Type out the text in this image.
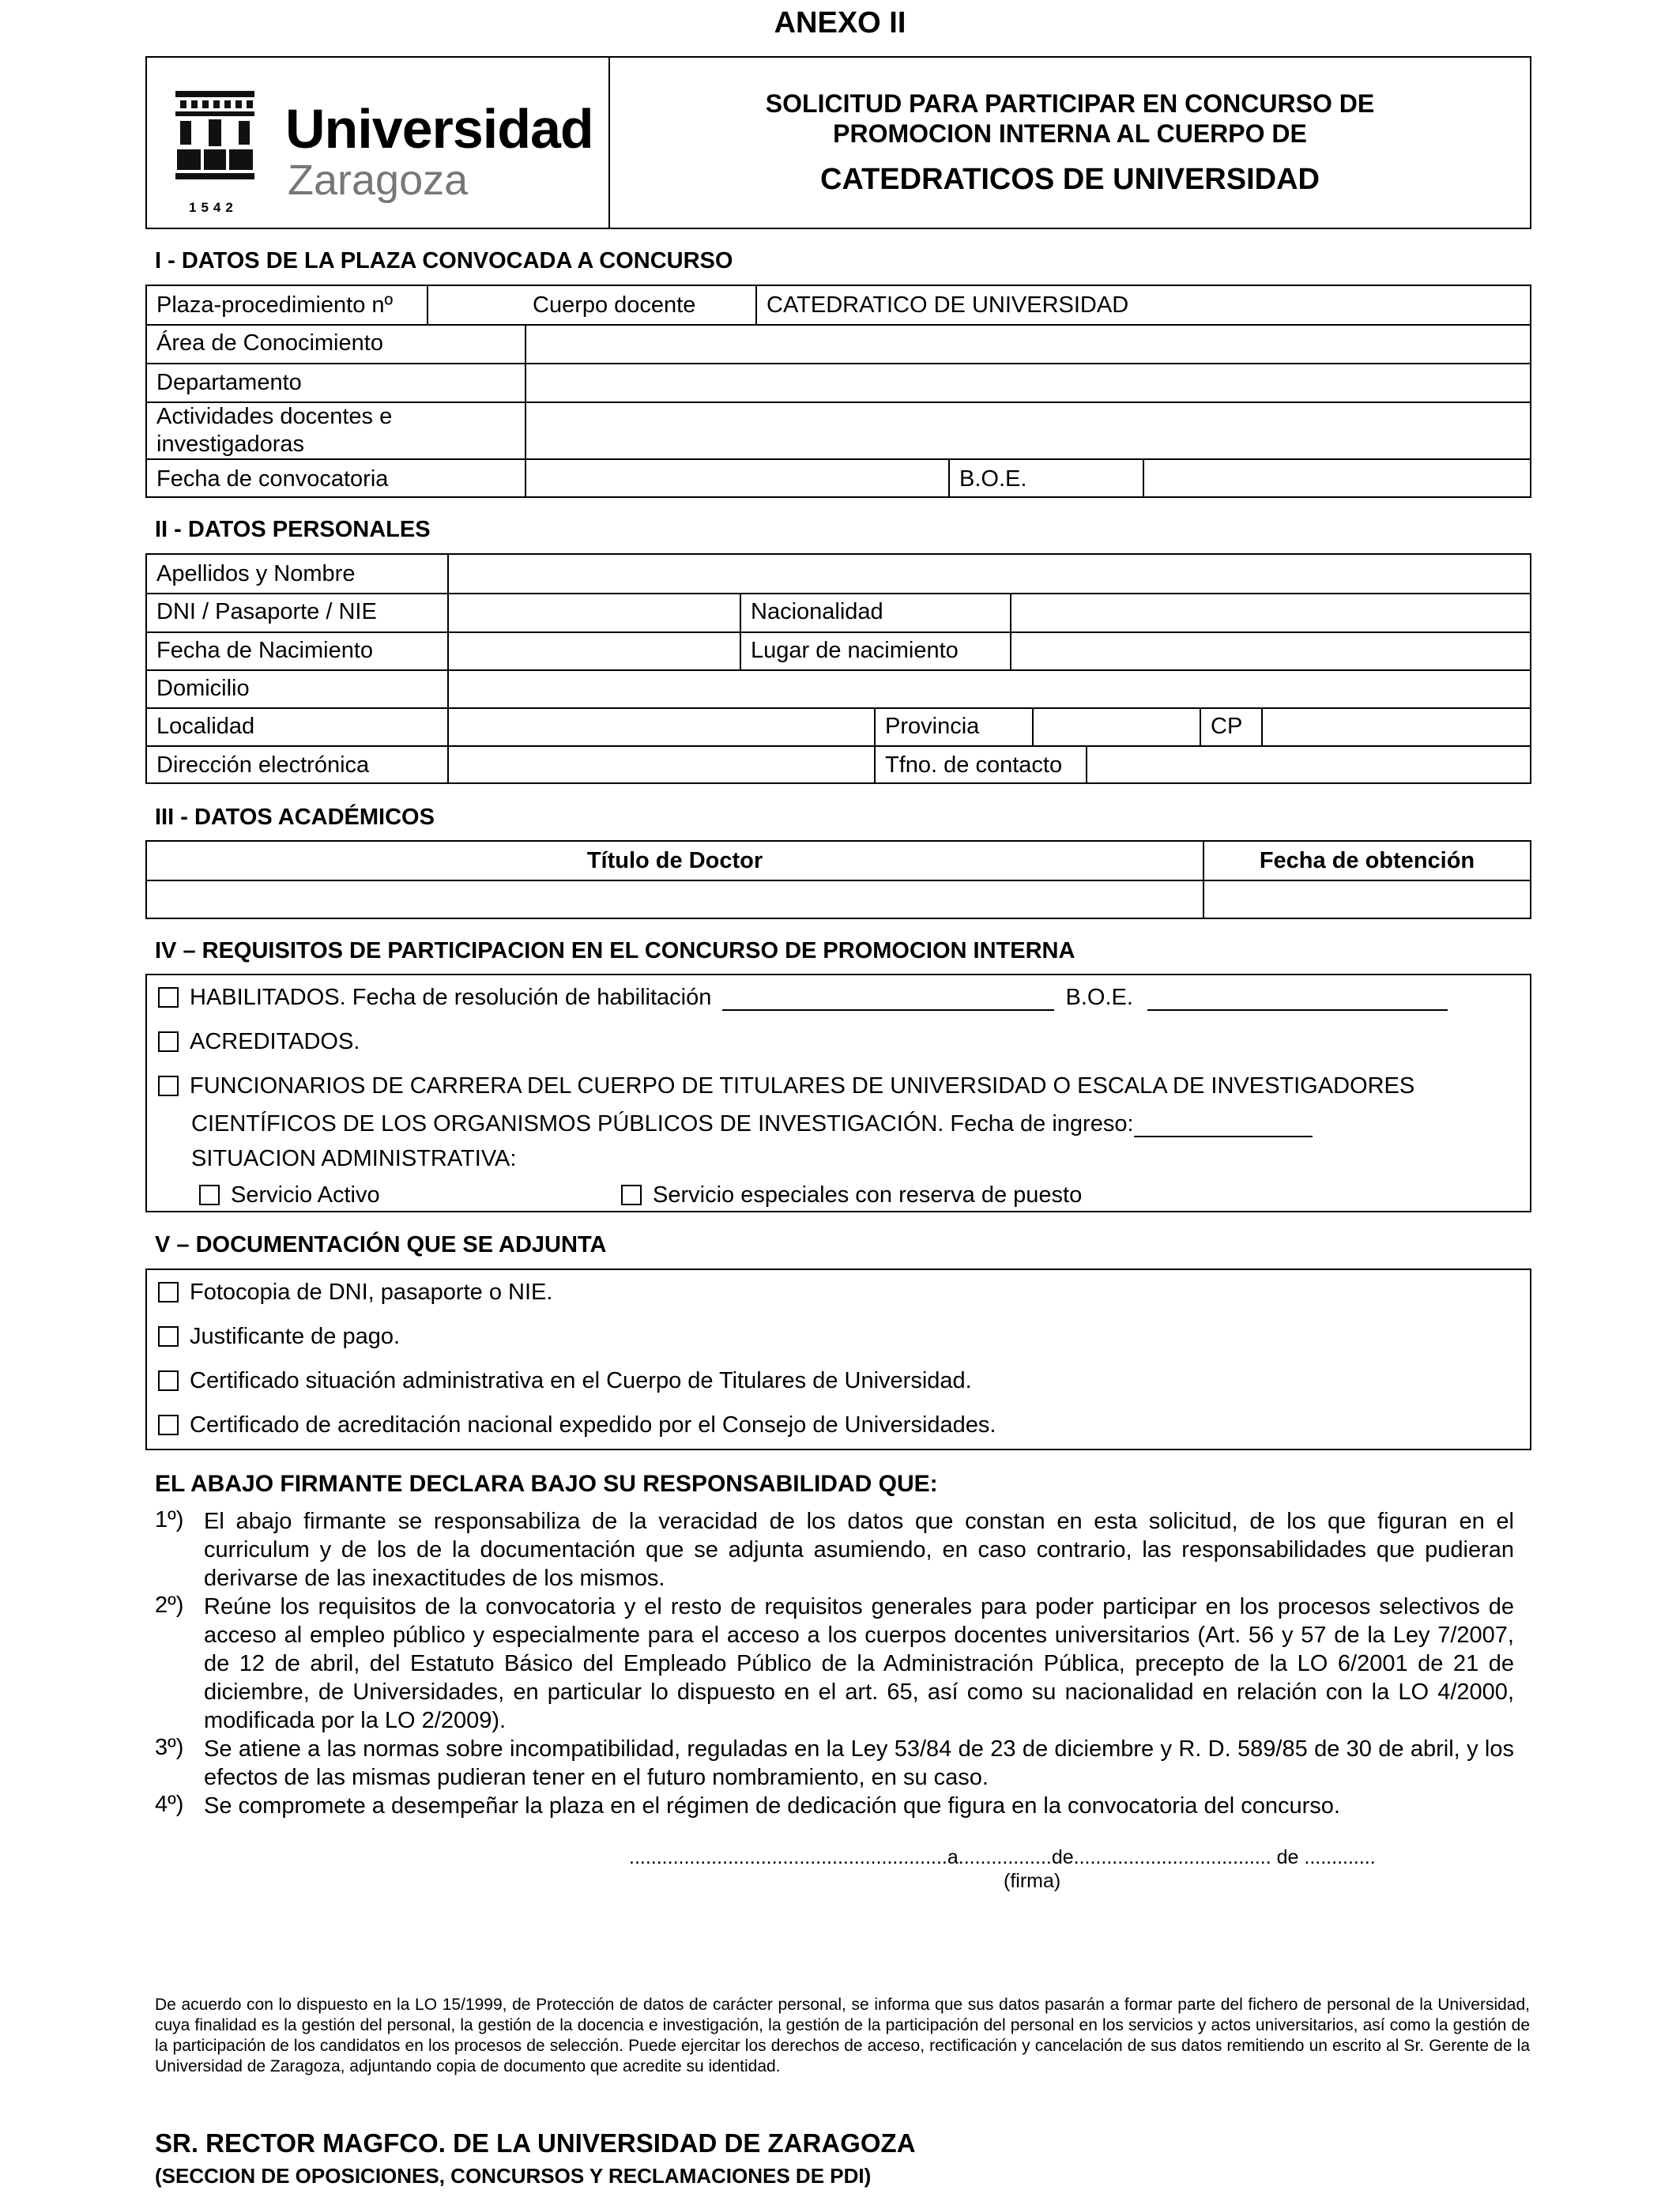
ANEXO II
Universidad
Zaragoza
1542

SOLICITUD PARA PARTICIPAR EN CONCURSO DE
PROMOCION INTERNA AL CUERPO DE
CATEDRATICOS DE UNIVERSIDAD
I - DATOS DE LA PLAZA CONVOCADA A CONCURSO
Plaza-procedimiento nº	Cuerpo docente	CATEDRATICO DE UNIVERSIDAD
Área de Conocimiento
Departamento
Actividades docentes e investigadoras
Fecha de convocatoria	B.O.E.
II - DATOS PERSONALES
Apellidos y Nombre
DNI / Pasaporte / NIE	Nacionalidad
Fecha de Nacimiento	Lugar de nacimiento
Domicilio
Localidad	Provincia	CP
Dirección electrónica	Tfno. de contacto
III - DATOS ACADÉMICOS
Título de Doctor	Fecha de obtención
IV – REQUISITOS DE PARTICIPACION EN EL CONCURSO DE PROMOCION INTERNA
HABILITADOS. Fecha de resolución de habilitación	B.O.E.
ACREDITADOS.
FUNCIONARIOS DE CARRERA DEL CUERPO DE TITULARES DE UNIVERSIDAD O ESCALA DE INVESTIGADORES
CIENTÍFICOS DE LOS ORGANISMOS PÚBLICOS DE INVESTIGACIÓN. Fecha de ingreso:
SITUACION ADMINISTRATIVA:
Servicio Activo	Servicio especiales con reserva de puesto
V – DOCUMENTACIÓN QUE SE ADJUNTA
Fotocopia de DNI, pasaporte o NIE.
Justificante de pago.
Certificado situación administrativa en el Cuerpo de Titulares de Universidad.
Certificado de acreditación nacional expedido por el Consejo de Universidades.
EL ABAJO FIRMANTE DECLARA BAJO SU RESPONSABILIDAD QUE:
1º) El abajo firmante se responsabiliza de la veracidad de los datos que constan en esta solicitud, de los que figuran en el curriculum y de los de la documentación que se adjunta asumiendo, en caso contrario, las responsabilidades que pudieran derivarse de las inexactitudes de los mismos.
2º) Reúne los requisitos de la convocatoria y el resto de requisitos generales para poder participar en los procesos selectivos de acceso al empleo público y especialmente para el acceso a los cuerpos docentes universitarios (Art. 56 y 57 de la Ley 7/2007, de 12 de abril, del Estatuto Básico del Empleado Público de la Administración Pública, precepto de la LO 6/2001 de 21 de diciembre, de Universidades, en particular lo dispuesto en el art. 65, así como su nacionalidad en relación con la LO 4/2000, modificada por la LO 2/2009).
3º) Se atiene a las normas sobre incompatibilidad, reguladas en la Ley 53/84 de 23 de diciembre y R. D. 589/85 de 30 de abril, y los efectos de las mismas pudieran tener en el futuro nombramiento, en su caso.
4º) Se compromete a desempeñar la plaza en el régimen de dedicación que figura en la convocatoria del concurso.
..........................................................a.................de.................................... de .............
(firma)
De acuerdo con lo dispuesto en la LO 15/1999, de Protección de datos de carácter personal, se informa que sus datos pasarán a formar parte del fichero de personal de la Universidad, cuya finalidad es la gestión del personal, la gestión de la docencia e investigación, la gestión de la participación del personal en los servicios y actos universitarios, así como la gestión de la participación de los candidatos en los procesos de selección. Puede ejercitar los derechos de acceso, rectificación y cancelación de sus datos remitiendo un escrito al Sr. Gerente de la Universidad de Zaragoza, adjuntando copia de documento que acredite su identidad.
SR. RECTOR MAGFCO. DE LA UNIVERSIDAD DE ZARAGOZA
(SECCION DE OPOSICIONES, CONCURSOS Y RECLAMACIONES DE PDI)
